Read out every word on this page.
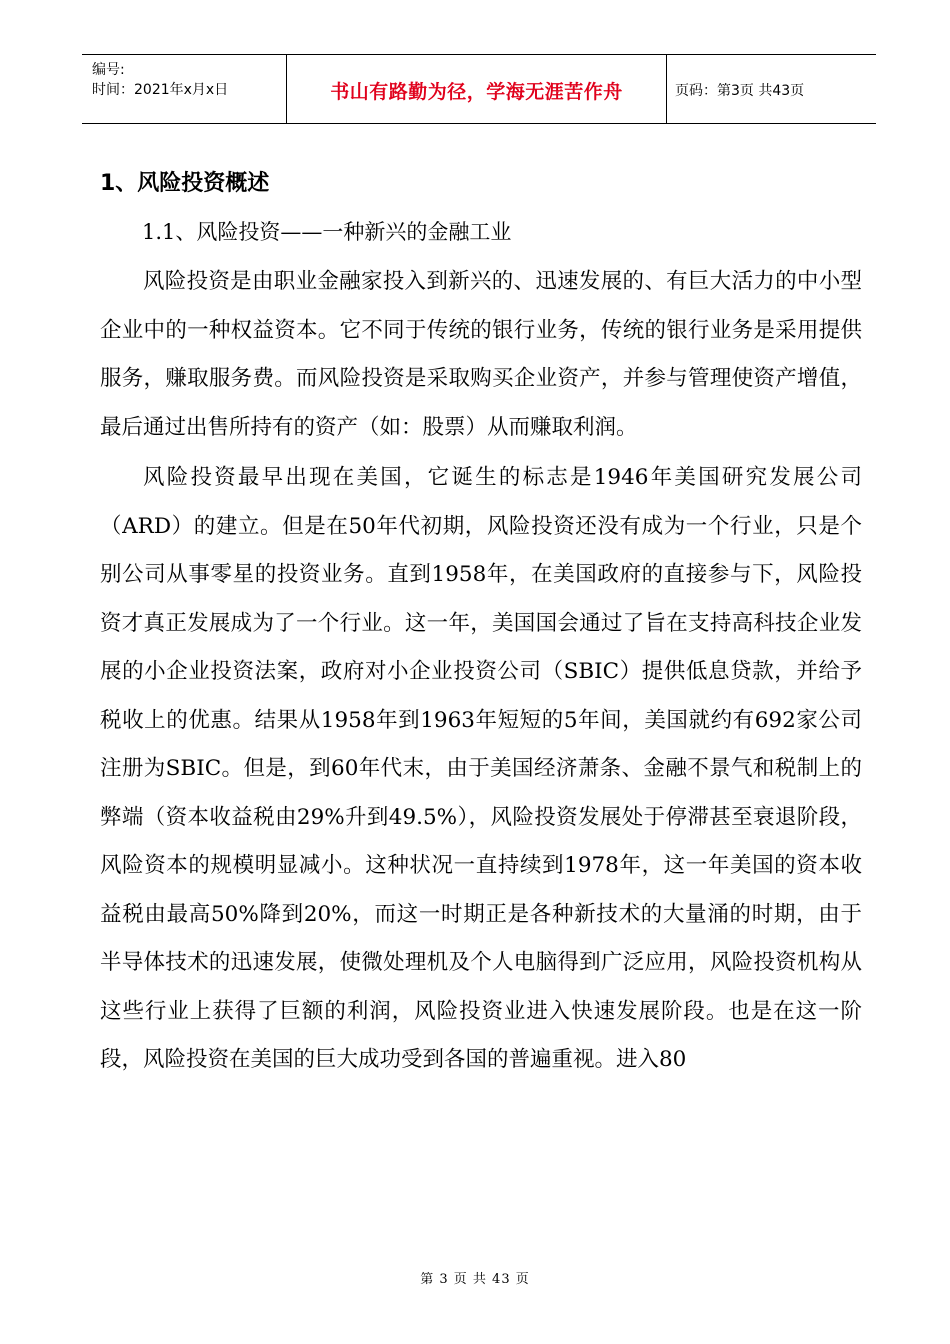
编号:
时间：2021年x月x日	书山有路勤为径，学海无涯苦作舟	页码：第3页 共43页
1、风险投资概述
1.1、风险投资——一种新兴的金融工业

风险投资是由职业金融家投入到新兴的、迅速发展的、有巨大活力的中小型企业中的一种权益资本。它不同于传统的银行业务，传统的银行业务是采用提供服务，赚取服务费。而风险投资是采取购买企业资产，并参与管理使资产增值，最后通过出售所持有的资产（如：股票）从而赚取利润。

风险投资最早出现在美国，它诞生的标志是1946年美国研究发展公司（ARD）的建立。但是在50年代初期，风险投资还没有成为一个行业，只是个别公司从事零星的投资业务。直到1958年，在美国政府的直接参与下，风险投资才真正发展成为了一个行业。这一年，美国国会通过了旨在支持高科技企业发展的小企业投资法案，政府对小企业投资公司（SBIC）提供低息贷款，并给予税收上的优惠。结果从1958年到1963年短短的5年间，美国就约有692家公司注册为SBIC。但是，到60年代末，由于美国经济萧条、金融不景气和税制上的弊端（资本收益税由29%升到49.5%），风险投资发展处于停滞甚至衰退阶段，风险资本的规模明显减小。这种状况一直持续到1978年，这一年美国的资本收益税由最高50%降到20%，而这一时期正是各种新技术的大量涌的时期，由于半导体技术的迅速发展，使微处理机及个人电脑得到广泛应用，风险投资机构从这些行业上获得了巨额的利润，风险投资业进入快速发展阶段。也是在这一阶段，风险投资在美国的巨大成功受到各国的普遍重视。进入80

第 3 页 共 43 页
